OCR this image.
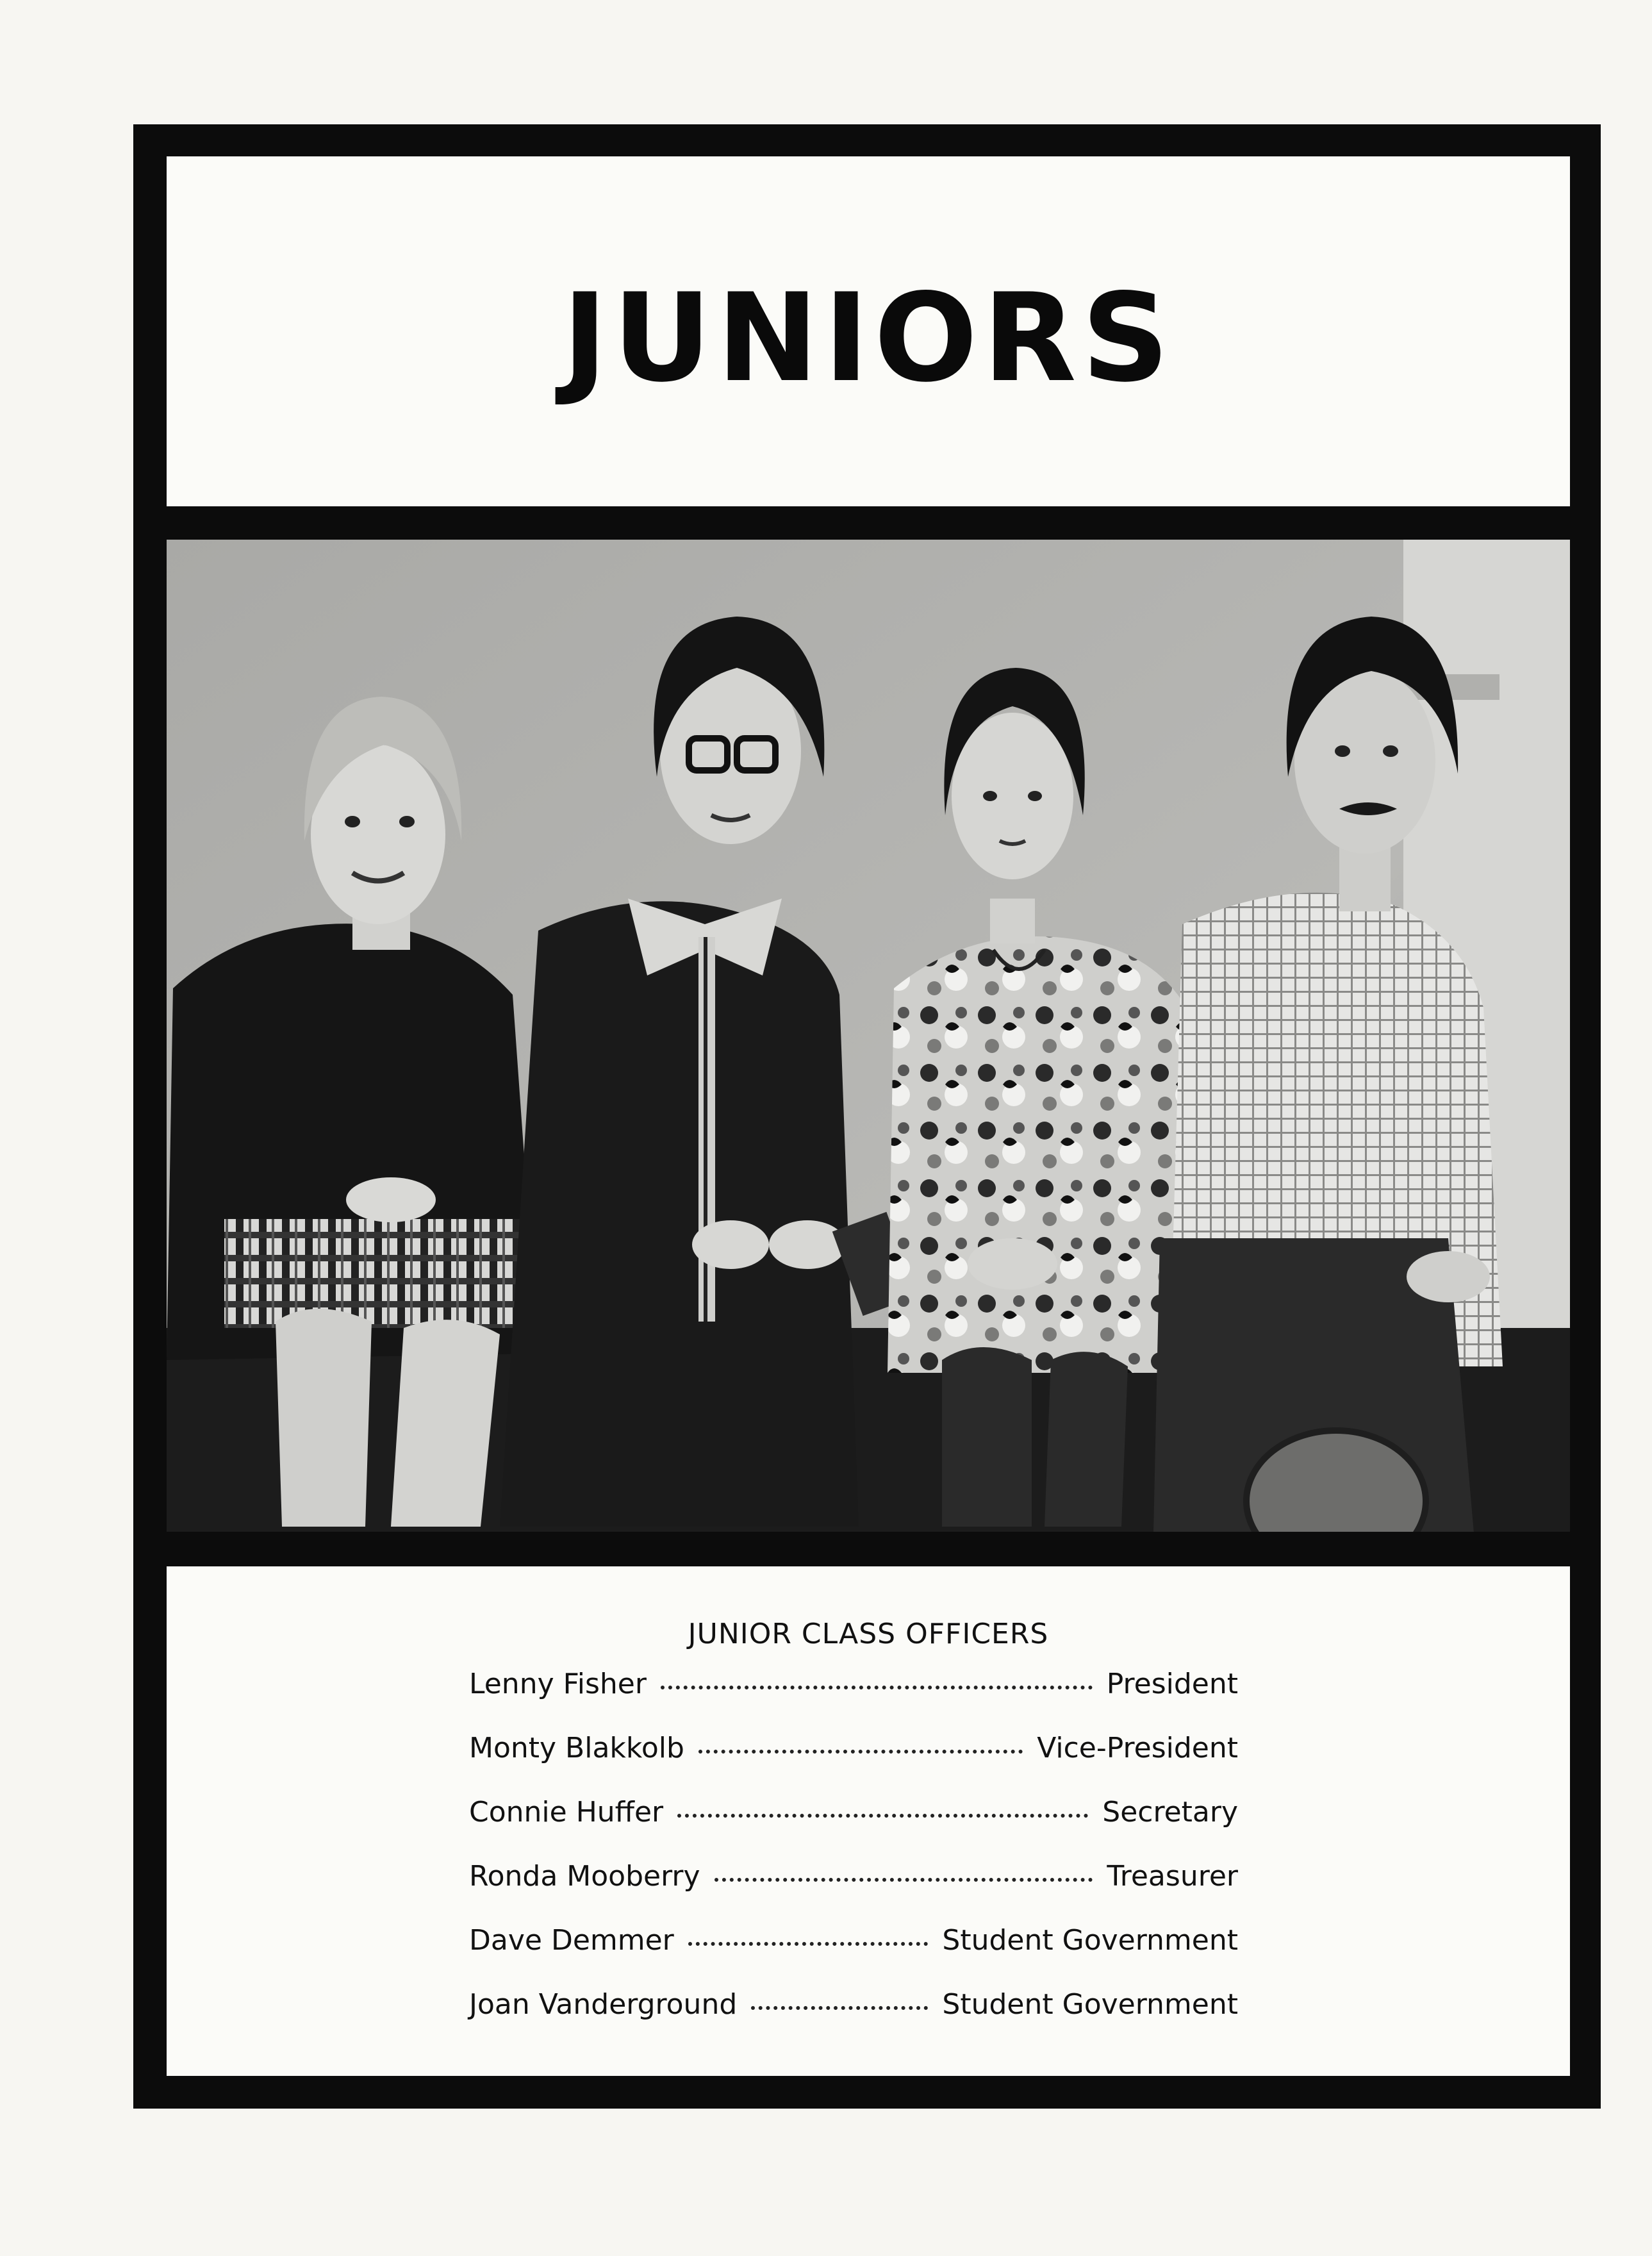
JUNIORS
JUNIOR CLASS OFFICERS
Lenny Fisher	President
Monty Blakkolb	Vice-President
Connie Huffer	Secretary
Ronda Mooberry	Treasurer
Dave Demmer	Student Government
Joan Vanderground	Student Government
